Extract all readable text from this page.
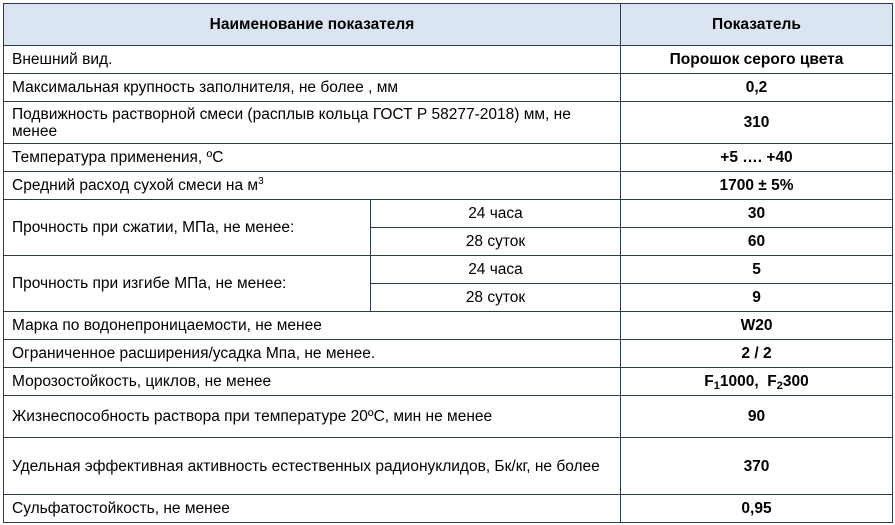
Наименование показателя		Показатель
Внешний вид.		Порошок серого цвета
Максимальная крупность заполнителя, не более , мм		0,2
Подвижность растворной смеси (расплыв кольца ГОСТ Р 58277-2018) мм, не менее		310
Температура применения, ºС		+5 …. +40
Средний расход сухой смеси на $м^3$		1700 ± 5%
Прочность при сжатии, МПа, не менее:	24 часа	30
	28 суток	60
Прочность при изгибе МПа, не менее:	24 часа	5
	28 суток	9
Марка по водонепроницаемости, не менее		W20
Ограниченное расширения/усадка Мпа, не менее.		2 / 2
Морозостойкость, циклов, не менее		$F_11000$,  $F_2300$
Жизнеспособность раствора при температуре 20ºС, мин не менее		90
Удельная эффективная активность естественных радионуклидов, Бк/кг, не более		370
Сульфатостойкость, не менее		0,95
